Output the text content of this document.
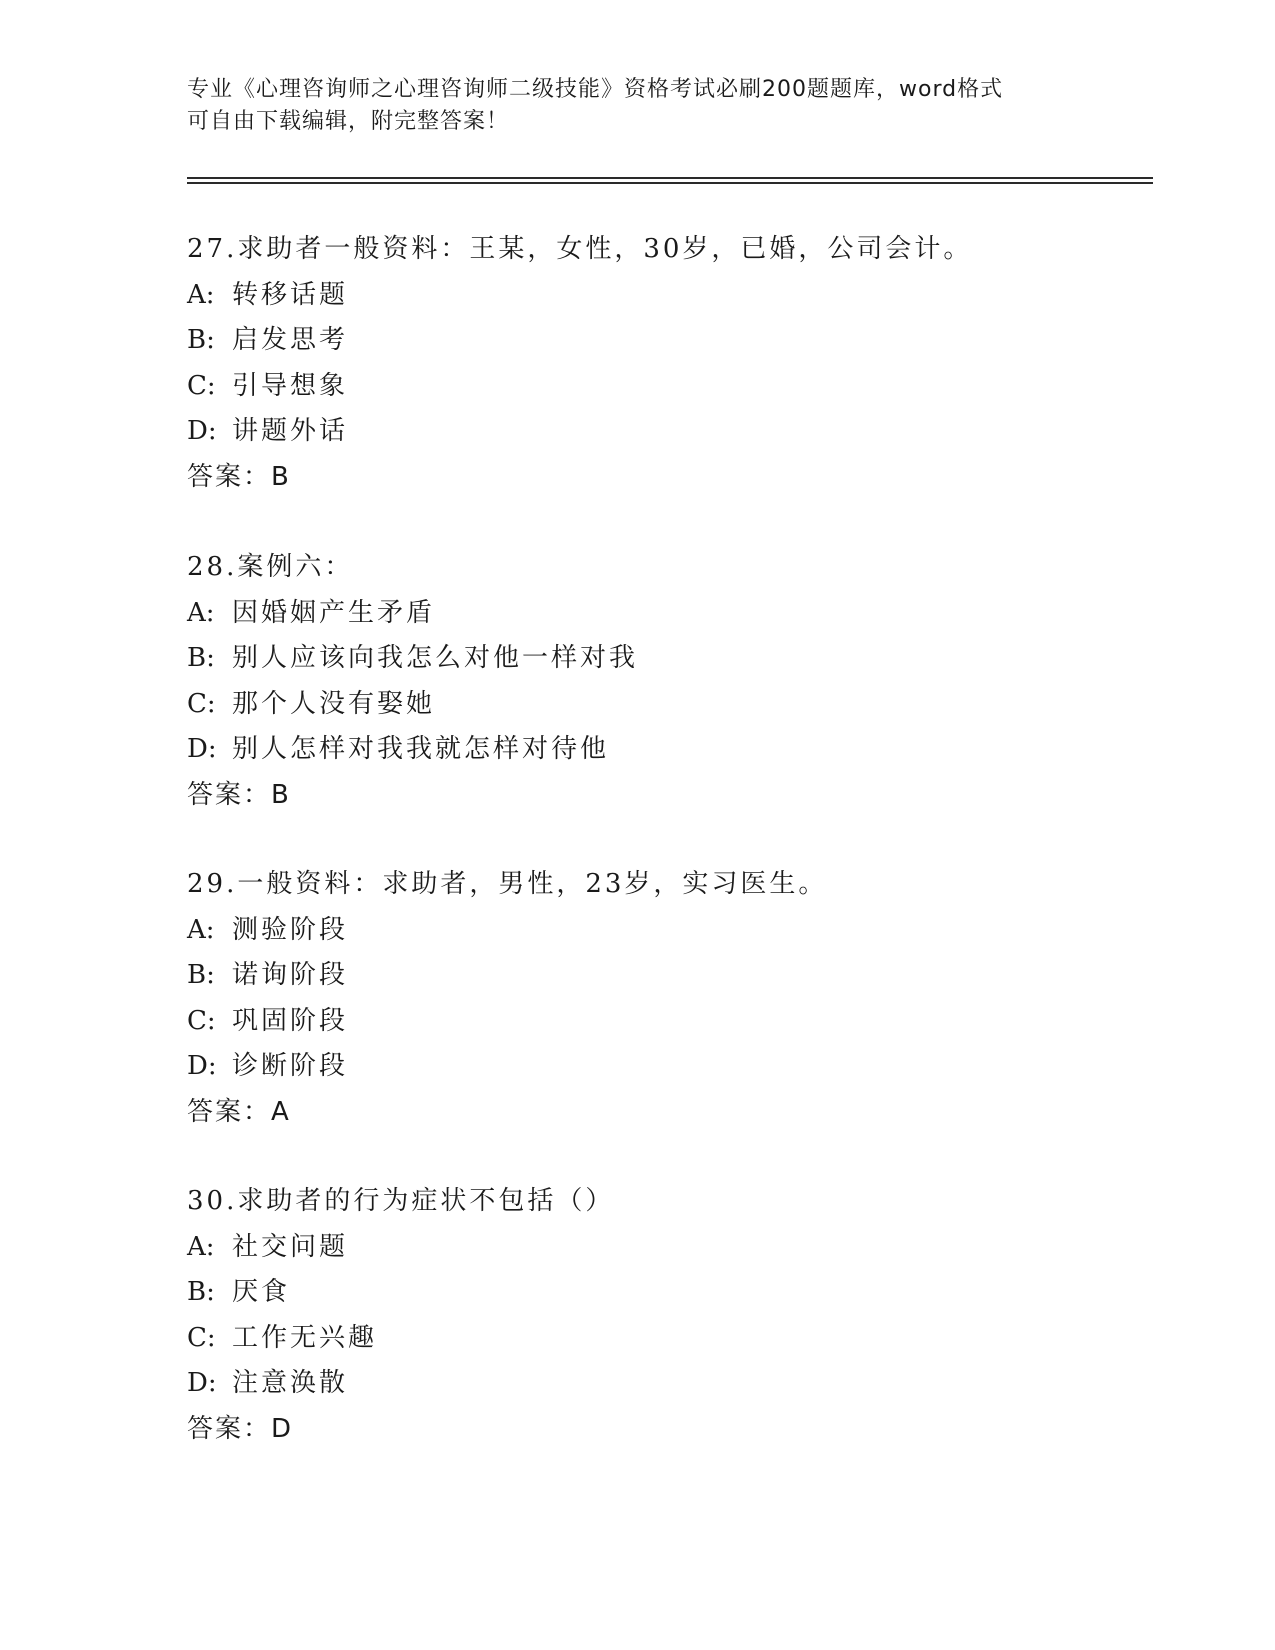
专业《心理咨询师之心理咨询师二级技能》资格考试必刷200题题库，word格式
可自由下载编辑，附完整答案！
27.求助者一般资料：王某，女性，30岁，已婚，公司会计。
A: 转移话题
B: 启发思考
C: 引导想象
D: 讲题外话
答案：B
28.案例六：
A: 因婚姻产生矛盾
B: 别人应该向我怎么对他一样对我
C: 那个人没有娶她
D: 别人怎样对我我就怎样对待他
答案：B
29.一般资料：求助者，男性，23岁，实习医生。
A: 测验阶段
B: 诺询阶段
C: 巩固阶段
D: 诊断阶段
答案：A
30.求助者的行为症状不包括（）
A: 社交问题
B: 厌食
C: 工作无兴趣
D: 注意涣散
答案：D
